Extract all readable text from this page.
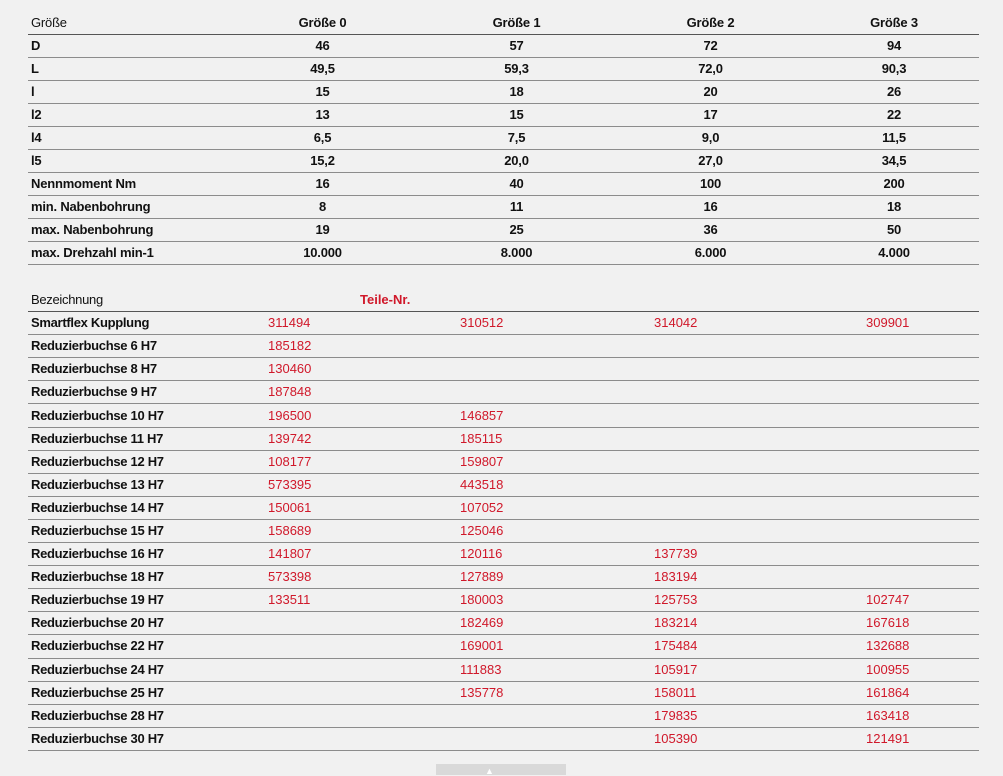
Größe	Größe 0	Größe 1	Größe 2	Größe 3
D	46	57	72	94
L	49,5	59,3	72,0	90,3
l	15	18	20	26
l2	13	15	17	22
l4	6,5	7,5	9,0	11,5
l5	15,2	20,0	27,0	34,5
Nennmoment Nm	16	40	100	200
min. Nabenbohrung	8	11	16	18
max. Nabenbohrung	19	25	36	50
max. Drehzahl min-1	10.000	8.000	6.000	4.000
Bezeichnung	Teile-Nr.			
Smartflex Kupplung	311494	310512	314042	309901
Reduzierbuchse 6 H7	185182			
Reduzierbuchse 8 H7	130460			
Reduzierbuchse 9 H7	187848			
Reduzierbuchse 10 H7	196500	146857		
Reduzierbuchse 11 H7	139742	185115		
Reduzierbuchse 12 H7	108177	159807		
Reduzierbuchse 13 H7	573395	443518		
Reduzierbuchse 14 H7	150061	107052		
Reduzierbuchse 15 H7	158689	125046		
Reduzierbuchse 16 H7	141807	120116	137739	
Reduzierbuchse 18 H7	573398	127889	183194	
Reduzierbuchse 19 H7	133511	180003	125753	102747
Reduzierbuchse 20 H7		182469	183214	167618
Reduzierbuchse 22 H7		169001	175484	132688
Reduzierbuchse 24 H7		111883	105917	100955
Reduzierbuchse 25 H7		135778	158011	161864
Reduzierbuchse 28 H7			179835	163418
Reduzierbuchse 30 H7			105390	121491
▲
